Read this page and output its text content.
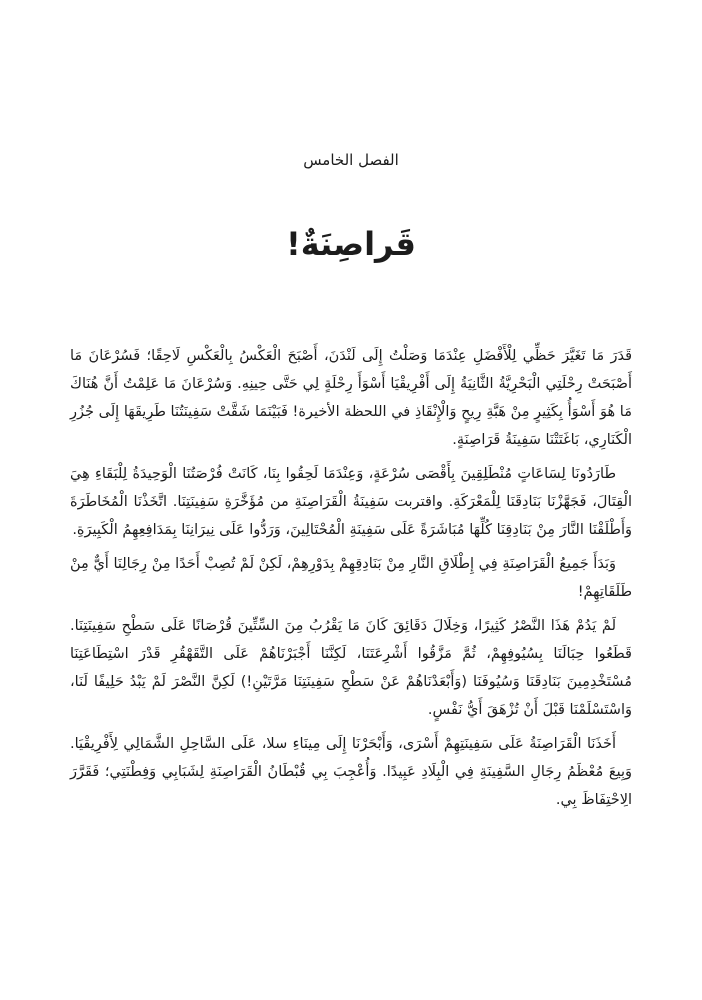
الفصل الخامس
قَراصِنَةٌ!

قَدَرَ مَا تَغَيَّرَ حَظِّي لِلْأَفْضَلِ عِنْدَمَا وَصَلْتُ إِلَى لَنْدَنَ، أَصْبَحَ الْعَكْسُ بِالْعَكْسِ لَاحِقًا؛ فَسُرْعَانَ مَا أَصْبَحَتْ رِحْلَتِي الْبَحْرِيَّةُ الثَّانِيَةُ إِلَى أَفْرِيقْيَا أَسْوَأَ رِحْلَةٍ لِي حَتَّى حِينِهِ. وَسُرْعَانَ مَا عَلِمْتُ أَنَّ هُنَاكَ مَا هُوَ أَسْوَأُ بِكَثِيرٍ مِنْ هَبَّةِ رِيحٍ وَالْإِنْقَاذِ في اللحظة الأخيرة! فَبَيْنَمَا شَقَّتْ سَفِينَتُنَا طَرِيقَهَا إِلَى جُزُرِ الْكَنَارِي، بَاغَتَتْنَا سَفِينَةُ قَرَاصِنَةٍ.

طَارَدُونَا لِسَاعَاتٍ مُنْطَلِقِينَ بِأَقْصَى سُرْعَةٍ، وَعِنْدَمَا لَحِقُوا بِنَا، كَانَتْ فُرْصَتُنَا الْوَحِيدَةُ لِلْبَقَاءِ هِيَ الْقِتَالَ، فَجَهَّزْنَا بَنَادِقَنَا لِلْمَعْرَكَةِ. واقتربت سَفِينَةُ الْقَرَاصِنَةِ من مُؤَخَّرَةِ سَفِينَتِنَا. اتَّخَذْنَا الْمُخَاطَرَةَ وَأَطْلَقْنَا النَّارَ مِنْ بَنَادِقِنَا كُلِّهَا مُبَاشَرَةً عَلَى سَفِينَةِ الْمُحْتَالِينَ، وَرَدُّوا عَلَى نِيرَانِنَا بِمَدَافِعِهِمُ الْكَبِيرَةِ.

وَبَدَأَ جَمِيعُ الْقَرَاصِنَةِ فِي إِطْلَاقِ النَّارِ مِنْ بَنَادِقِهِمْ بِدَوْرِهِمْ، لَكِنْ لَمْ تُصِبْ أَحَدًا مِنْ رِجَالِنَا أَيٌّ مِنْ طَلَقَاتِهِمْ!

لَمْ يَدُمْ هَذَا النَّصْرُ كَثِيرًا، وَخِلَالَ دَقَائِقَ كَانَ مَا يَقْرُبُ مِنَ السِّتِّينَ قُرْصَانًا عَلَى سَطْحِ سَفِينَتِنَا. قَطَعُوا حِبَالَنَا بِسُيُوفِهِمْ، ثُمَّ مَزَّقُوا أَشْرِعَتَنَا، لَكِنَّنَا أَجْبَرْنَاهُمْ عَلَى التَّقَهْقُرِ قَدْرَ اسْتِطَاعَتِنَا مُسْتَخْدِمِينَ بَنَادِقَنَا وَسُيُوفَنَا (وَأَبْعَدْنَاهُمْ عَنْ سَطْحِ سَفِينَتِنَا مَرَّتَيْنِ!) لَكِنَّ النَّصْرَ لَمْ يَبْدُ حَلِيفًا لَنَا، وَاسْتَسْلَمْنَا قَبْلَ أَنْ تُزْهَقَ أَيُّ نَفْسٍ.

أَخَذَنَا الْقَرَاصِنَةُ عَلَى سَفِينَتِهِمْ أَسْرَى، وَأَبْحَرْنَا إِلَى مِينَاءِ سلا، عَلَى السَّاحِلِ الشَّمَالِي لِأَفْرِيقْيَا. وَبِيعَ مُعْظَمُ رِجَالِ السَّفِينَةِ فِي الْبِلَادِ عَبِيدًا. وَأُعْجِبَ بِي قُبْطَانُ الْقَرَاصِنَةِ لِشَبَابِي وَفِطْنَتِي؛ فَقَرَّرَ الِاحْتِفَاظَ بِي.
